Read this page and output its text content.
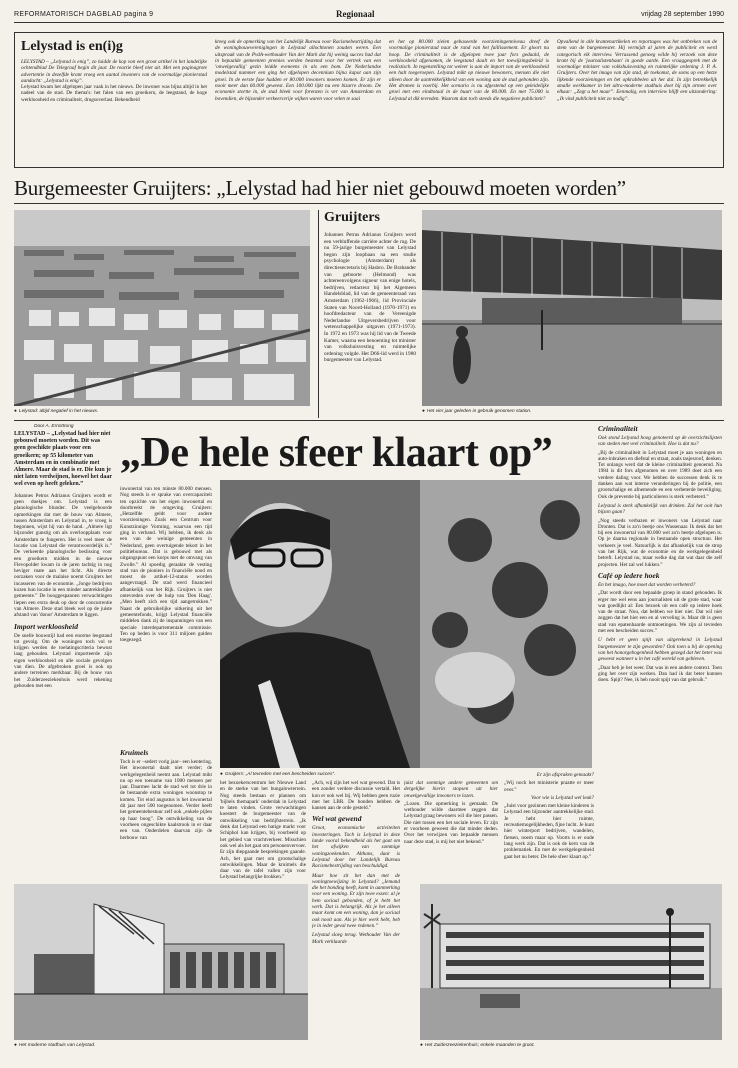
REFORMATORISCH DAGBLAD pagina 9	Regionaal	vrijdag 28 september 1990
Lelystad is en(i)g
LELYSTAD – „Lelystad is enig”, zo luidde de kop van een groot artikel in het landelijke ochtendblad De Telegraaf begin dit jaar. De reactie bleef niet uit. Met een paginagrote advertentie in dezelfde krant vroeg een aantal inwoners van de voormalige pionierstad aandacht: „Lelystad is enig”.
Lelystad kwam het afgelopen jaar vaak in het nieuws. De inwoner was bijna altijd in het nadeel van de stad. De thema's: het falen van een groeikern, de leegstand, de hoge werkloosheid en criminaliteit, drugsoverlast. Bekendheid
kreeg ook de opmerking van het Landelijk Bureau voor Racismebestrijding dat de woningbouwverenigingen in Lelystad allochtonen zouden weren. Een uitspraak van de PvdA-wethouder Van der Mark dat hij weinig succes had dat in bepaalde gemeenten premies werden bestemd voor het vertrek van een 'onwelgevallig' gezin leidde eveneens in als een bom. De Nederlandse modelstad nummer een ging het afgelopen decennium bijna kapot aan zijn groei. In de eerste fase hadden er 80.000 inwoners moeten komen. Er zijn er nooit meer dan 60.000 geweest. Een 100.000 lijkt nu een bizarre droom. De economie stortte in, de stad bleek voor forenzen is ver van Amsterdam en bovendien, de bijzonder verkeersvrije wijken waren voor velen te saai
en het op 80.000 zielen gebaseerde voorzieningenniveau dreef de voormalige pionierstad naar de rand van het faillissement. Er gloort nu hoop. De criminaliteit is de afgelopen twee jaar fors gedaald, de werkloosheid afgenomen, de leegstand daalt en het toewijzingsbeleid is realistisch. In tegenstelling tot weleer is aan de import van de werkloosheid een halt toegeroepen. Lelystad mikt op nieuwe bewoners, mensen die niet alleen door de aantrekkelijkheid van een woning aan de stad gebonden zijn. Het dromen is voorbij. Het scenario is nu afgestemd op een geleidelijke groei met een eindtotaal in de buurt van de 80.000. En met 75.000 is Lelystad al dik tevreden. Waarom dan toch steeds die negatieve publiciteit?
Opvallend in alle krantenartikelen en reportages was het ontbreken van de stem van de burgemeester. Hij vermijdt al jaren de publiciteit en werd categorisch elk interview. Verrassend genoeg wilde hij verzoek van deze krant bij de 'journalistenbaan' in goede aarde. Een vraaggesprek met de voormalige minister van volkshuisvesting en ruimtelijke ordening J. P. A. Gruijters. Over het imago van zijn stad, de toekomst, de soms op een hetze lijkende voorzieningen en het opkrabbelen uit het dal. In zijn betrekkelijk smalle werkkamer in het ultra-moderne stadhuis doet hij zijn armen over elkaar: „Zegt u het maar”. Eenmalig, een interview blijft een uitzondering: „Ik vind publiciteit niet zo nodig”.
Burgemeester Gruijters: „Lelystad had hier niet gebouwd moeten worden”
● Lelystad: altijd negatief in het nieuws.
Gruijters
Johannes Petrus Adrianus Gruijters werd een verbluffende carrière achter de rug. De nu 59-jarige burgemeester van Lelystad begon zijn loopbaan na een studie psychologie (Amsterdam) als directiesecretaris bij Hasbro. De Brabander van geboorte (Helmond) was achtereenvolgens signeur van enige hotels, bedrijven, redacteur bij het Algemeen Handelsblad, lid van de gemeenteraad van Amsterdam (1962-1966), lid Provinciale Staten van Noord-Holland (1970-1971) en hoofdredacteur van de Vereenigde Nederlandse Uitgeversbedrijven voor wetenschappelijke uitgaven (1971-1973). In 1972 en 1973 was hij lid van de Tweede Kamer, waarna een benoeming tot minister van volkshuisvesting en ruimtelijke ordening volgde. Het D66-lid werd in 1980 burgemeester van Lelystad.
● Het vier jaar geleden in gebruik genomen station.
Door A. Ernsttrong
LELYSTAD – „Lelystad had hier niet gebouwd moeten worden. Dit was geen geschikte plaats voor een groeikern; op 55 kilometer van Amsterdam en in combinatie met Almere. Maar de stad is er. Die kun je niet laten verdwijnen, hoewel het daar wel even op heeft geleken.”
Johannes Petrus Adrianus Gruijters wordt er geen doekjes om. Lelystad is een planologische blunder. De veelgehoorde opmerkingen dat met de bouw van Almere, tussen Amsterdam en Lelystad in, te vroeg is begonnen, wijst hij van de hand. „Almere ligt bijzonder gunstig om als overloopplaats voor Amsterdam te fungeren. Het is veel meer de locatie van Lelystad die verantwoordelijk is.” De verkeerde planologische beslissing voor een groeikern midden in de nieuwe Flevopolder kwam in de jaren tachtig in nog heviger mate aan het licht. Als directe oorzaken voor de malaise noemt Gruijters het incasseren van de economie. „Jonge bedrijven kozen hun locatie in een minder aantrekkelijke gemeente.” De hooggespannen verwachtingen liepen een extra deuk op door de concurrentie van Almere. Deze stad bleek wel op de juiste afstand van 'donor' Amsterdam te liggen.
Import werkloosheid
De snelle bouwstijl had een enorme leegstand tot gevolg. Om de woningen toch vol te krijgen werden de toelatingscriteria bewust laag gehouden. Lelystad importeerde zijn eigen werkloosheid en alle sociale gevolgen van dien. De afgebroken groei is ook op andere terreinen merkbaar. Bij de bouw van het Zuiderzeeziekenhuis werd rekening gehouden met een
„De hele sfeer klaart op”
inwonertal van ten minste 80.000 mensen. Nog steeds is er sprake van overcapaciteit ten opzichte van het eigen inwonertal en doorbreekt de omgeving. Gruijters: „Hetzelfde geldt voor andere voorzieningen. Zoals een Centrum voor Kunstzinnige Vorming, waarvan een tijd ging in verband. Wij hebben, ik denk als een van de weinige gemeenten in Nederland, geen overtuigende tekort in het politiebureau. Dat is gebouwd met als uitgangspunt een korps met de omvang van Zwolle.” Al spoedig geraakte de vesting stad van de pioniers in financiële nood en moest de artikel-12-status worden aangevraagd. De stad werd financieel afhankelijk van het Rijk. Gruijters is niet ontevreden over de hulp van 'Den Haag'. „Men heeft zich een tijd aangetrokken.” Naast de gebruikelijke uitkering uit het gemeentefonds, krijgt Lelystad financiële middelen dank zij de inspanningen van een speciale interdepartementale commissie. Ten op heden is voor 311 miljoen gulden toegezegd.
● Gruijters: „Al tevreden met een bescheiden succes”.
Kruimels
Toch is er –sedert vorig jaar– een kentering. Het inwonertal daalt niet verder; de werkgelegenheid neemt aan. Lelystad mikt nu op een toename van 1000 mensen per jaar. Daarmee lacht de stad wel tot drie in de bestaande extra woningen woonstop te komen. Tot eind augustus is het inwonertal dit jaar met 500 toegenomen. Verder heeft het gemeentebestuur zelf ook „enkele pijlen op haar boog”. De ontwikkeling van de voorheen ongeschikte kaalstrook in er daar een van. Onderdelen daarvan zijn de herbouw van
het bezoekerscentrum het Nieuwe Land en de sterke van het bungalowterrein. Nog steeds bestaan er plannen om 'bijbels themapark' onderdak in Lelystad te laten vinden. Grote verwachtingen koestert de burgemeester van de ontwikkeling van bedrijfsterrein. „Ik denk dat Lelystad een batige markt voor Schiphol kan krijgen, bij voorbeeld op het gebied van vrachtverkeer. Misschien ook wel als het gaat om personenvervoer. Er zijn diepgaande besprekingen gaande. Ach, het gaat met om grootschalige ontwikkelingen. Maar de kruimels die daar van de tafel vallen zijn voor Lelystad belangrijke brokken.”
„Ach, wij zijn het wel wat gewend. Dat is een zonder verdere discussie vertald. Het kon er ook wel bij. Wij hebben geen ruzie met het LBR. De bonden hebben de kansen aan de orde gesteld.”
Wel wat gewend
Groot, economische activiteiten investeringen. Toch is Lelystad in deze lande vooral bekendheid als het gaat om het afwijken van sommige woningzoekenden. Althans, daar is Lelystad door het Landelijk Bureau Racismebestrijding van beschuldigd.
Maar hoe zit het dan met de woningtoewijzing in Lelystad? „Iemand die het bonding heeft, komt in aanmerking voor een woning. Er zijn twee essen: al je hem sociaal gebonden, of je hebt het werk. Dat is belangrijk. Als je het alleen maar komt om een woning, dan je sociaal ook nooit aan. Als je hier werk hebt, heb je in ieder geval twee redenen.”
Lelystad sloeg terug. Wethouder Van der Mark verklaarde
juist dat sommige andere gemeenten om dergelijke hierin stopsen uit hier onwelgevallige inwoners te lozen.
„Lozen. Die opmerking is gemaakt. De wethouder wilde daarmee zeggen dat Lelystad graag bewoners wil die hier passen. Die niet tussen een het sociale leven. Er zijn er voorheen geweest die dat minder deden. Over het verwijzen van bepaalde mensen naar deze stad, is mij het niet bekend.”
Er zijn afspraken gemaakt?
„Wij noch het ministerie praatte er meer over.”
Voor wie is Lelystad wel leuk?
„Juist voor gezinnen met kleine kinderen is Lelystad een bijzonder aantrekkelijke stad. Je hebt hier ruimte, recreatiemogelijkheden, fijne lucht. Je kunt hier winterport bedrijven, wandelen, fietsen, noem maar op. Voorts is er oude lang werk zijn. Dat is ook de kern van de problematiek. En met de werkgelegenheid gaat het nu beter. De hele sfeer klaart op.”
Criminaliteit
Ook stond Lelystad hoog genoteerd op de overzichtslijsten van steden met veel criminaliteit. Hoe is dat nu?
„Bij de criminaliteit in Lelystad moet je aan woningen en auto-inbraken en diefstal en straat, zoals tasjesroof, denken. Tot onlangs werd dat de kleine criminaliteit genoemd. Na 1984 is dit fors afgenomen en over 1989 doet zich een verdere daling voor. We hebben de successen denk ik te danken aan wat interne veranderingen bij de politie, een grootschalige en afnemende en een verbeterde beveiliging. Ook de preventie bij particulieren is sterk verbeterd.”
Lelystad is sterk afhankelijk van drinken. Zal het ooit hun bijzon gaan?
„Nog steeds verbazen er inwoners van Lelystad naar Dronten. Dat is zo'n beetje ons Wassenaar. Ik denk dat het bij een inwonertal van 80.000 wel zo'n beetje afgelopen is. Op je daarna regionale in bestaande open structuur. Het verkeers je veel. Natuurlijk is dat afhankelijk van de strop van het Rijk, wat de economie en de werkgelegenheid betreft. Lelystad nu, maar welke dag dat wat daar die zelf projecten. Het zal wel lukken.”
Café op iedere hoek
En het imago, hoe moet dat worden verbeterd?
„Dat wordt door een bepaalde groep in stand gehouden. Ik erger me wel eens aan journalisten uit de grote stad, waar wat goedlijkt al: Een bezoek uit een café op iedere hoek van de straat. Nou, dat hebben we hier niet. Dat wil niet zeggen dat het hier een en al verveling is. Maar dit is geen stad van epatenhaarde ontmoetingen. We zijn al tevreden met een bescheiden succes.”
U hebt er geen spijt van uitgerekend in Lelystad burgemeester te zijn geworden? Ook toen u bij de opening van het honorgebogenheid hebben gezegd dat het beter was geweest wanneer u in het café wereld van gebleven.
„Daar heb je het weer. Dat was in een andere context. Toen ging het over zijn werken. Dan had ik dat beter kunnen doen. Spijt? Nee, ik heb nooit spijt van dat gebruik.”
● Het moderne stadhuis van Lelystad.	● Het Zuiderzeeziekenhuis; enkele maanden te groot.
